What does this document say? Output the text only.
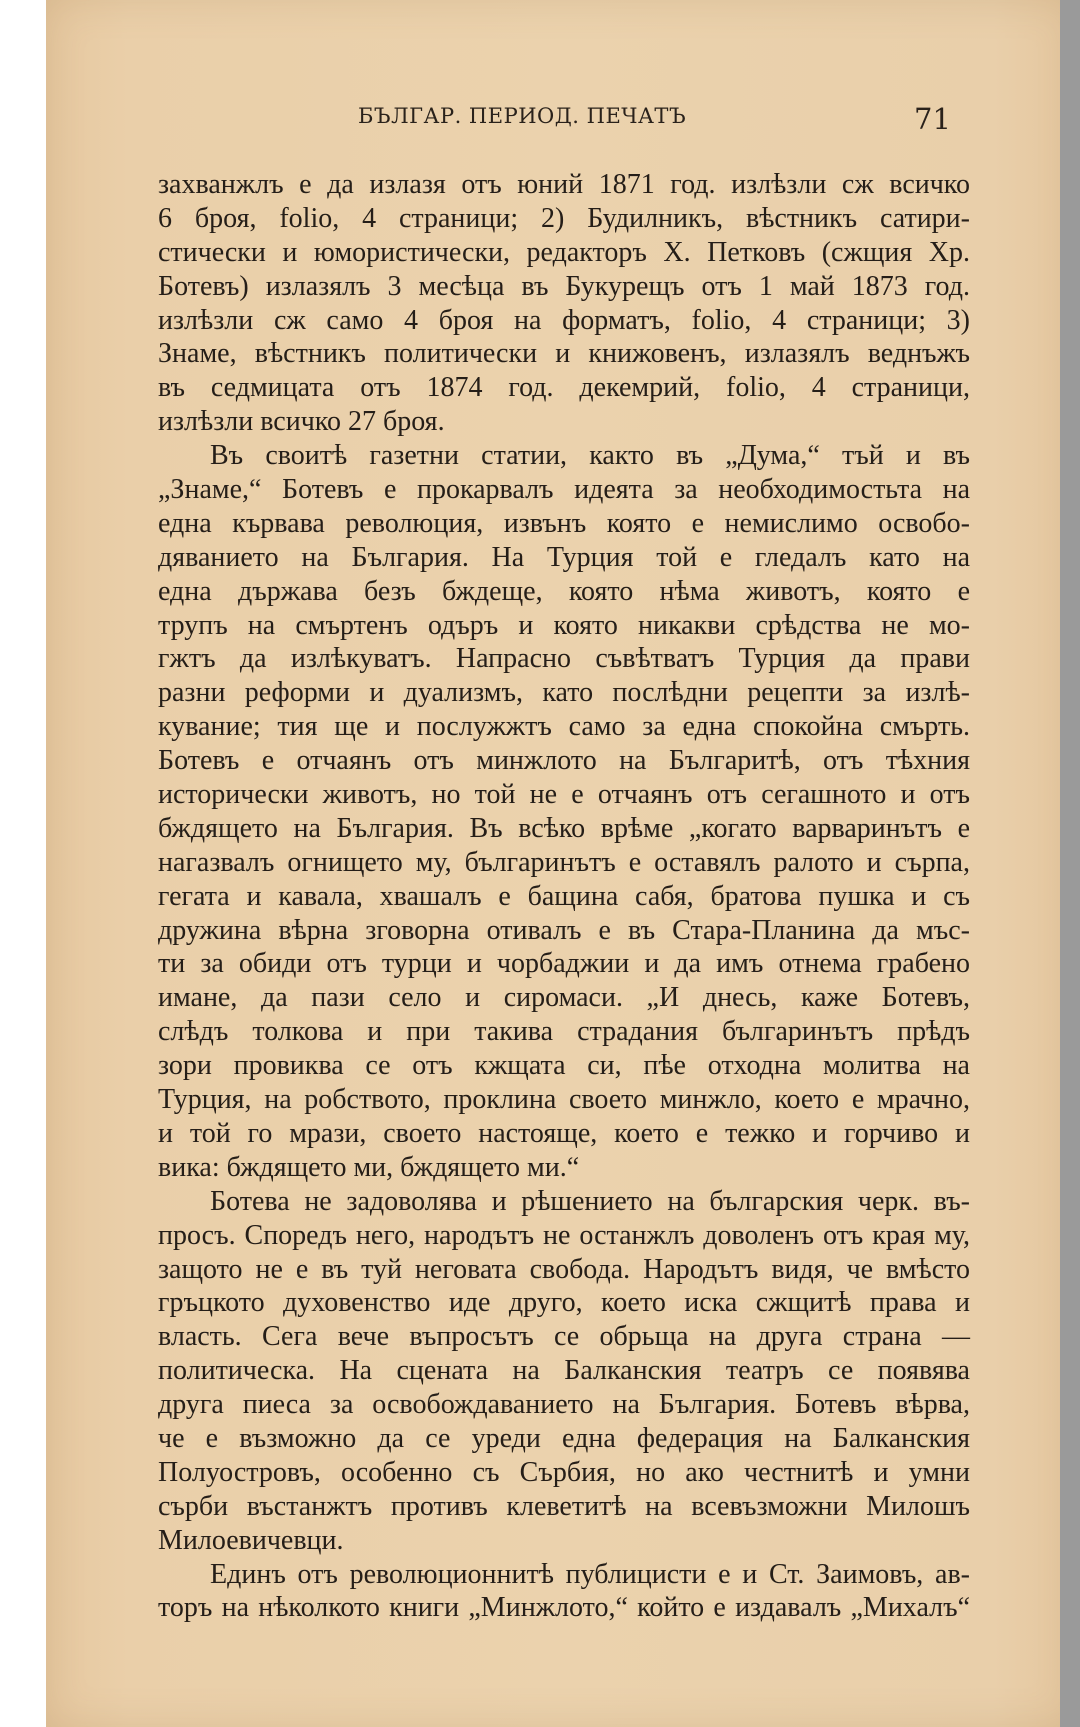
БЪЛГАР. ПЕРИОД. ПЕЧАТЪ	71
захванжлъ е да излазя отъ юний 1871 год. излѣзли сж всичко
6 броя, folio, 4 страници; 2) Будилникъ, вѣстникъ сатири-
стически и юмористически, редакторъ Х. Петковъ (сжщия Хр.
Ботевъ) излазялъ 3 месѣца въ Букурещъ отъ 1 май 1873 год.
излѣзли сж само 4 броя на форматъ, folio, 4 страници; 3)
Знаме, вѣстникъ политически и книжовенъ, излазялъ веднъжъ
въ седмицата отъ 1874 год. декемрий, folio, 4 страници,
излѣзли всичко 27 броя.
Въ своитѣ газетни статии, както въ „Дума,“ тъй и въ
„Знаме,“ Ботевъ е прокарвалъ идеята за необходимостьта на
една кървава революция, извънъ която е немислимо освобо-
дяванието на България. На Турция той е гледалъ като на
една държава безъ бждеще, която нѣма животъ, която е
трупъ на смъртенъ одъръ и която никакви срѣдства не мо-
гжтъ да излѣкуватъ. Напрасно съвѣтватъ Турция да прави
разни реформи и дуализмъ, като послѣдни рецепти за излѣ-
кувание; тия ще и послужжтъ само за една спокойна смърть.
Ботевъ е отчаянъ отъ минжлото на Българитѣ, отъ тѣхния
исторически животъ, но той не е отчаянъ отъ сегашното и отъ
бждящето на България. Въ всѣко врѣме „когато варваринътъ е
нагазвалъ огнището му, българинътъ е оставялъ ралото и сърпа,
гегата и кавала, хвашалъ е бащина сабя, братова пушка и съ
дружина вѣрна зговорна отивалъ е въ Стара-Планина да мъс-
ти за обиди отъ турци и чорбаджии и да имъ отнема грабено
имане, да пази село и сиромаси. „И днесь, каже Ботевъ,
слѣдъ толкова и при такива страдания българинътъ прѣдъ
зори провиква се отъ кжщата си, пѣе отходна молитва на
Турция, на робството, проклина своето минжло, което е мрачно,
и той го мрази, своето настояще, което е тежко и горчиво и
вика: бждящето ми, бждящето ми.“
Ботева не задоволява и рѣшението на българския черк. въ-
просъ. Споредъ него, народътъ не останжлъ доволенъ отъ края му,
защото не е въ туй неговата свобода. Народътъ видя, че вмѣсто
гръцкото духовенство иде друго, което иска сжщитѣ права и
власть. Сега вече въпросътъ се обрьща на друга страна —
политическа. На сцената на Балканския театръ се появява
друга пиеса за освобождаванието на България. Ботевъ вѣрва,
че е възможно да се уреди една федерация на Балканския
Полуостровъ, особенно съ Сърбия, но ако честнитѣ и умни
сърби въстанжтъ противъ клеветитѣ на всевъзможни Милошъ
Милоевичевци.
Единъ отъ революционнитѣ публицисти е и Ст. Заимовъ, ав-
торъ на нѣколкото книги „Минжлото,“ който е издавалъ „Михалъ“
